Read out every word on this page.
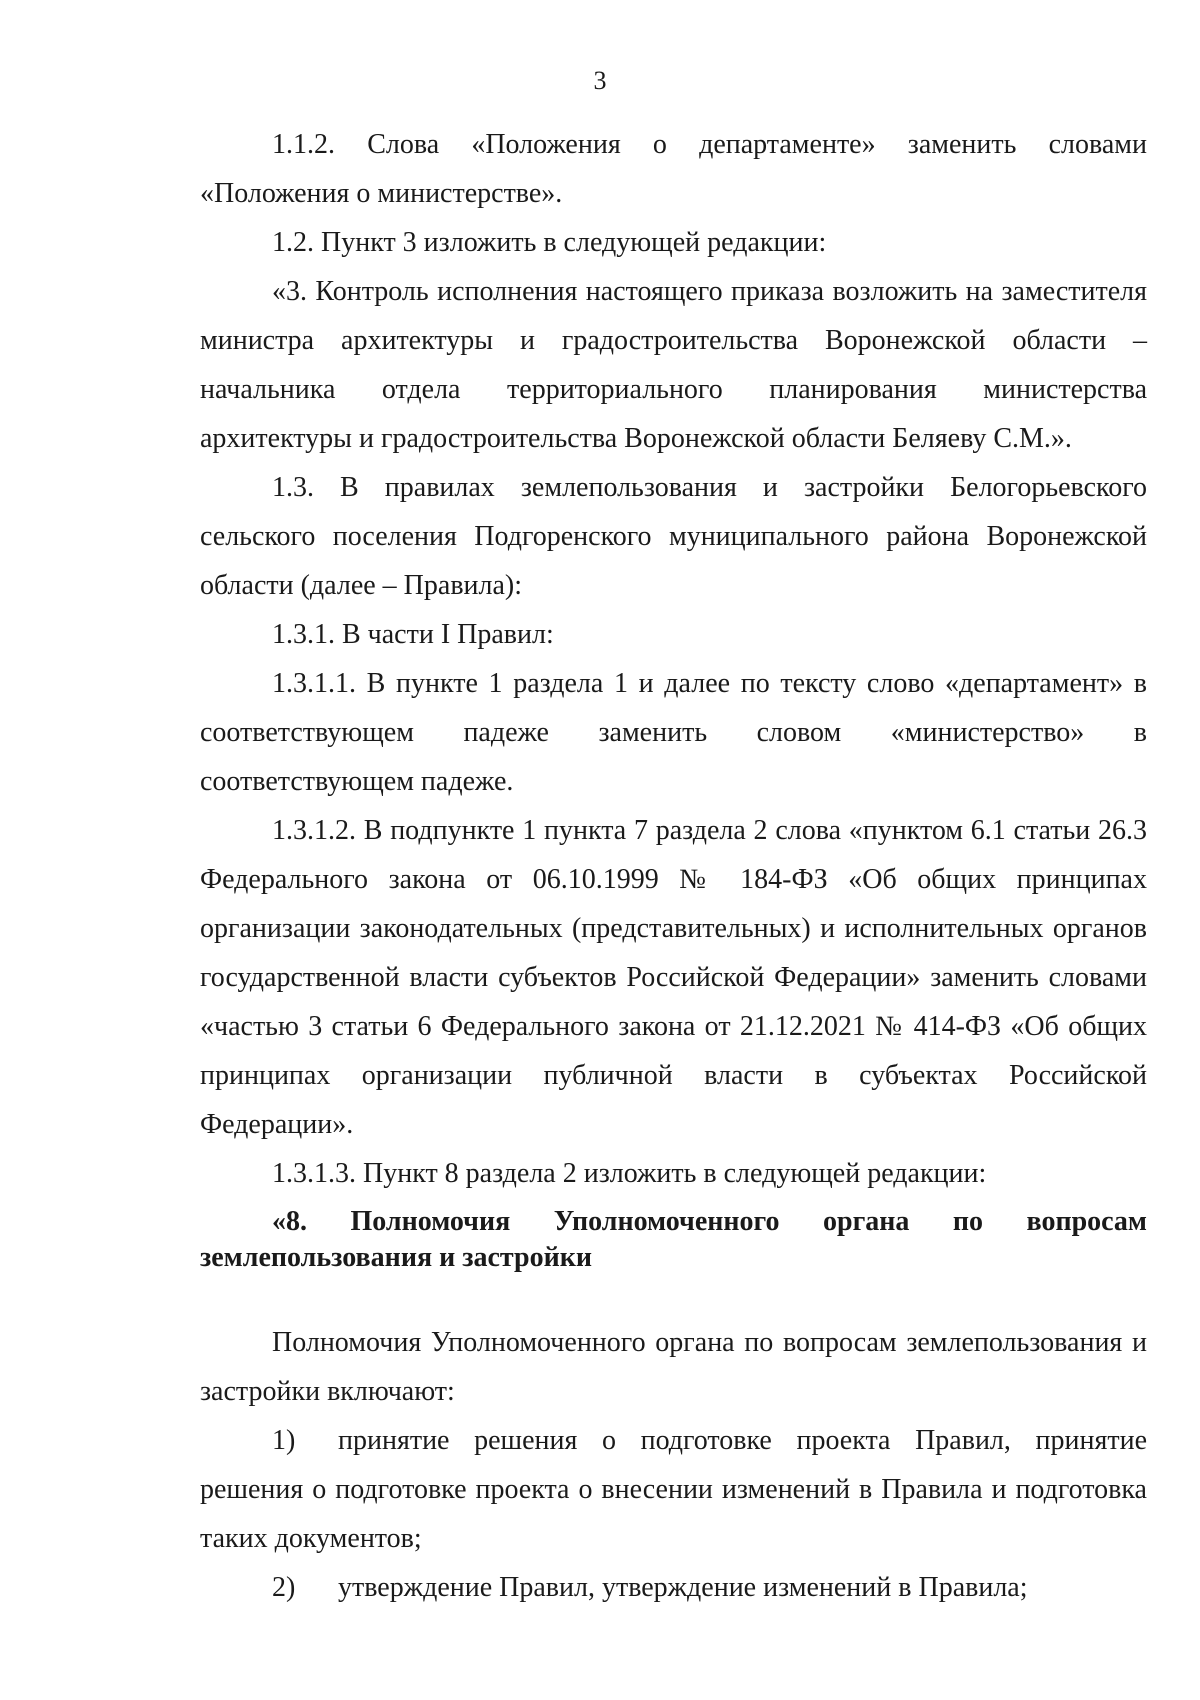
3

1.1.2. Слова «Положения о департаменте» заменить словами «Положения о министерстве».

1.2. Пункт 3 изложить в следующей редакции:

«3. Контроль исполнения настоящего приказа возложить на заместителя министра архитектуры и градостроительства Воронежской области – начальника отдела территориального планирования министерства архитектуры и градостроительства Воронежской области Беляеву С.М.».

1.3. В правилах землепользования и застройки Белогорьевского сельского поселения Подгоренского муниципального района Воронежской области (далее – Правила):

1.3.1. В части I Правил:

1.3.1.1. В пункте 1 раздела 1 и далее по тексту слово «департамент» в соответствующем падеже заменить словом «министерство» в соответствующем падеже.

1.3.1.2. В подпункте 1 пункта 7 раздела 2 слова «пунктом 6.1 статьи 26.3 Федерального закона от 06.10.1999 № 184-ФЗ «Об общих принципах организации законодательных (представительных) и исполнительных органов государственной власти субъектов Российской Федерации» заменить словами «частью 3 статьи 6 Федерального закона от 21.12.2021 № 414-ФЗ «Об общих принципах организации публичной власти в субъектах Российской Федерации».

1.3.1.3. Пункт 8 раздела 2 изложить в следующей редакции:

«8. Полномочия Уполномоченного органа по вопросам землепользования и застройки

Полномочия Уполномоченного органа по вопросам землепользования и застройки включают:

1) принятие решения о подготовке проекта Правил, принятие решения о подготовке проекта о внесении изменений в Правила и подготовка таких документов;

2) утверждение Правил, утверждение изменений в Правила;
